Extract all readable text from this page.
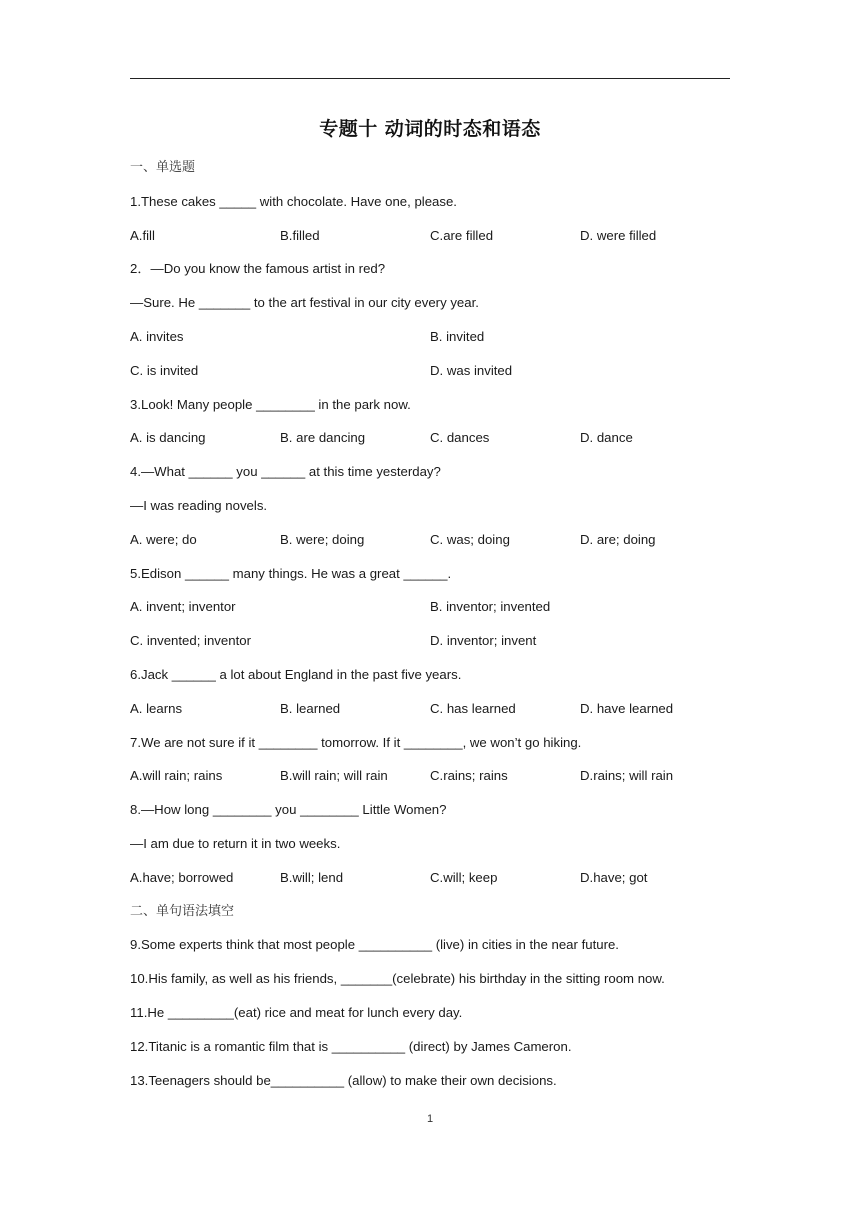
专题十 动词的时态和语态
一、单选题
1.These cakes _____ with chocolate. Have one, please.
A.fill	B.filled	C.are filled	D. were filled
2．—Do you know the famous artist in red?
—Sure. He _______ to the art festival in our city every year.
A. invites	B. invited
C. is invited	D. was invited
3.Look! Many people ________ in the park now.
A. is dancing	B. are dancing	C. dances	D. dance
4.—What ______ you ______ at this time yesterday?
—I was reading novels.
A. were; do	B. were; doing	C. was; doing	D. are; doing
5.Edison ______ many things. He was a great ______.
A. invent; inventor	B. inventor; invented
C. invented; inventor	D. inventor; invent
6.Jack ______ a lot about England in the past five years.
A. learns	B. learned	C. has learned	D. have learned
7.We are not sure if it ________ tomorrow. If it ________, we won’t go hiking.
A.will rain; rains	B.will rain; will rain	C.rains; rains	D.rains; will rain
8.—How long ________ you ________ Little Women?
—I am due to return it in two weeks.
A.have; borrowed	B.will; lend	C.will; keep	D.have; got
二、单句语法填空
9.Some experts think that most people __________ (live) in cities in the near future.
10.His family, as well as his friends, _______(celebrate) his birthday in the sitting room now.
11.He _________(eat) rice and meat for lunch every day.
12.Titanic is a romantic film that is __________ (direct) by James Cameron.
13.Teenagers should be__________ (allow) to make their own decisions.
1
